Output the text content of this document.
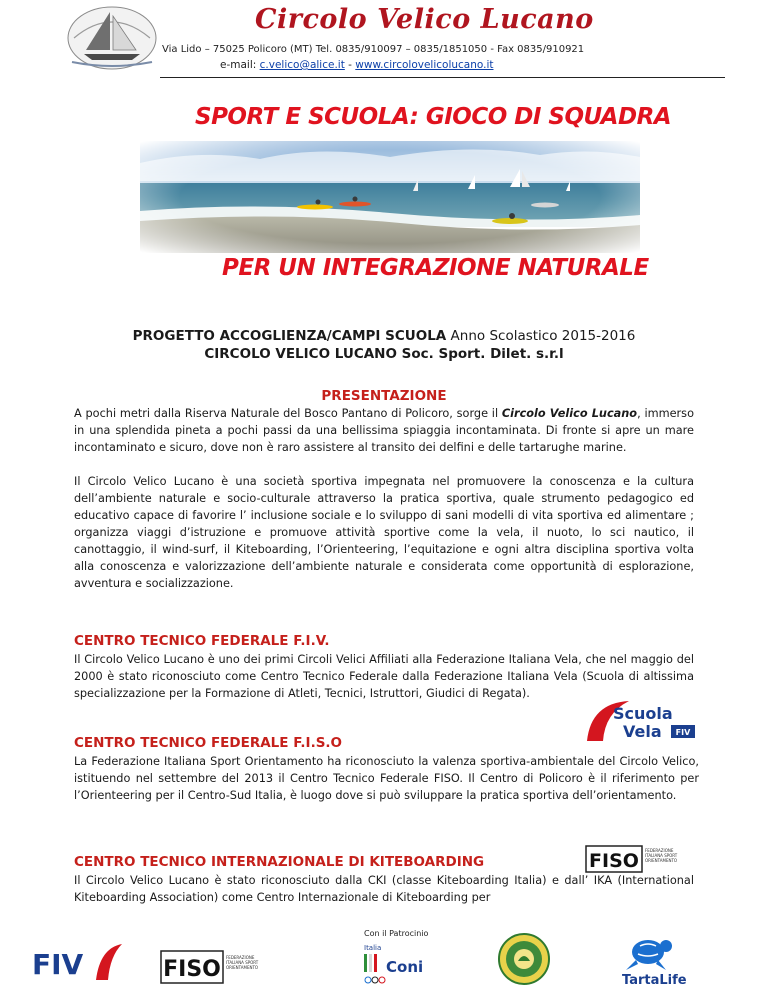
Circolo Velico Lucano
Via Lido – 75025 Policoro (MT) Tel. 0835/910097 – 0835/1851050 - Fax 0835/910921
e-mail: c.velico@alice.it - www.circolovelicolucano.it
SPORT E SCUOLA: GIOCO DI SQUADRA
PER UN INTEGRAZIONE NATURALE
PROGETTO ACCOGLIENZA/CAMPI SCUOLA Anno Scolastico 2015-2016
CIRCOLO VELICO LUCANO Soc. Sport. Dilet. s.r.l
PRESENTAZIONE
A pochi metri dalla Riserva Naturale del Bosco Pantano di Policoro, sorge il Circolo Velico Lucano, immerso in una splendida pineta a pochi passi da una bellissima spiaggia incontaminata. Di fronte si apre un mare incontaminato e sicuro, dove non è raro assistere al transito dei delfini e delle tartarughe marine.
Il Circolo Velico Lucano è una società sportiva impegnata nel promuovere la conoscenza e la cultura dell’ambiente naturale e socio-culturale attraverso la pratica sportiva, quale strumento pedagogico ed educativo capace di favorire l’ inclusione sociale e lo sviluppo di sani modelli di vita sportiva ed alimentare ; organizza viaggi d’istruzione e promuove attività sportive come la vela, il nuoto, lo sci nautico, il canottaggio, il wind-surf, il Kiteboarding, l’Orienteering, l’equitazione e ogni altra disciplina sportiva volta alla conoscenza e valorizzazione dell’ambiente naturale e considerata come opportunità di esplorazione, avventura e socializzazione.
CENTRO TECNICO FEDERALE F.I.V.
Il Circolo Velico Lucano è uno dei primi Circoli Velici Affiliati alla Federazione Italiana Vela, che nel maggio del 2000 è stato riconosciuto come Centro Tecnico Federale dalla Federazione Italiana Vela (Scuola di altissima specializzazione per la Formazione di Atleti, Tecnici, Istruttori, Giudici di Regata).
Scuola
Vela FIV
CENTRO TECNICO FEDERALE F.I.S.O
La Federazione Italiana Sport Orientamento ha riconosciuto la valenza sportiva-ambientale del Circolo Velico, istituendo nel settembre del 2013 il Centro Tecnico Federale FISO. Il Centro di Policoro è il riferimento per l’Orienteering per il Centro-Sud Italia, è luogo dove si può sviluppare la pratica sportiva dell’orientamento.
FISO FEDERAZIONE ITALIANA SPORT ORIENTAMENTO
CENTRO TECNICO INTERNAZIONALE DI KITEBOARDING
Il Circolo Velico Lucano è stato riconosciuto dalla CKI (classe Kiteboarding Italia) e dall’ IKA (International Kiteboarding Association) come Centro Internazionale di Kiteboarding per
FIV	FISO FEDERAZIONE ITALIANA SPORT ORIENTAMENTO
Con il Patrocinio
Italia
Coni
TartaLife
